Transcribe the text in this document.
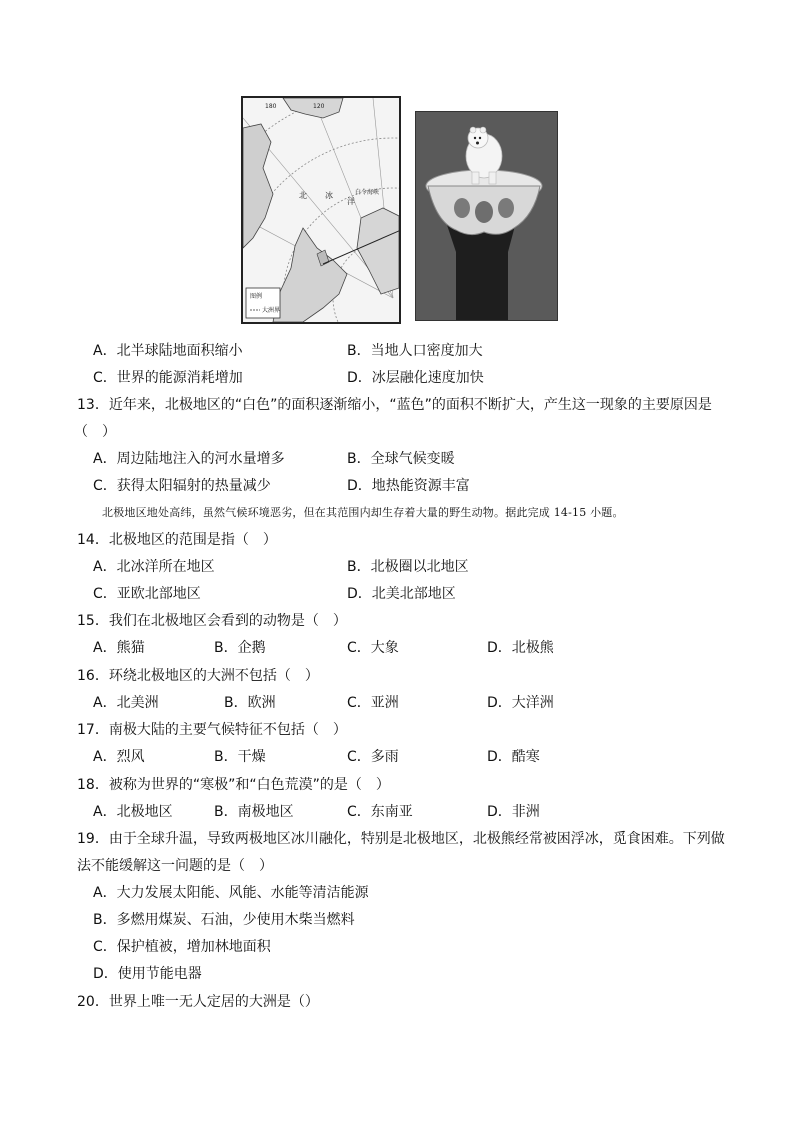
180	120
北 冰
洋
白令海峡
图例
大洲界
A．北半球陆地面积缩小	B．当地人口密度加大
C．世界的能源消耗增加	D．冰层融化速度加快
13．近年来，北极地区的“白色”的面积逐渐缩小，“蓝色”的面积不断扩大，产生这一现象的主要原因是
（　）
A．周边陆地注入的河水量增多	B．全球气候变暖
C．获得太阳辐射的热量减少	D．地热能资源丰富
北极地区地处高纬，虽然气候环境恶劣，但在其范围内却生存着大量的野生动物。据此完成 14-15 小题。
14．北极地区的范围是指（　）
A．北冰洋所在地区	B．北极圈以北地区
C．亚欧北部地区	D．北美北部地区
15．我们在北极地区会看到的动物是（　）
A．熊猫	B．企鹅	C．大象	D．北极熊
16．环绕北极地区的大洲不包括（　）
A．北美洲	B．欧洲	C．亚洲	D．大洋洲
17．南极大陆的主要气候特征不包括（　）
A．烈风	B．干燥	C．多雨	D．酷寒
18．被称为世界的“寒极”和“白色荒漠”的是（　）
A．北极地区	B．南极地区	C．东南亚	D．非洲
19．由于全球升温，导致两极地区冰川融化，特别是北极地区，北极熊经常被困浮冰，觅食困难。下列做
法不能缓解这一问题的是（　）
A．大力发展太阳能、风能、水能等清洁能源
B．多燃用煤炭、石油，少使用木柴当燃料
C．保护植被，增加林地面积
D．使用节能电器
20．世界上唯一无人定居的大洲是（）
